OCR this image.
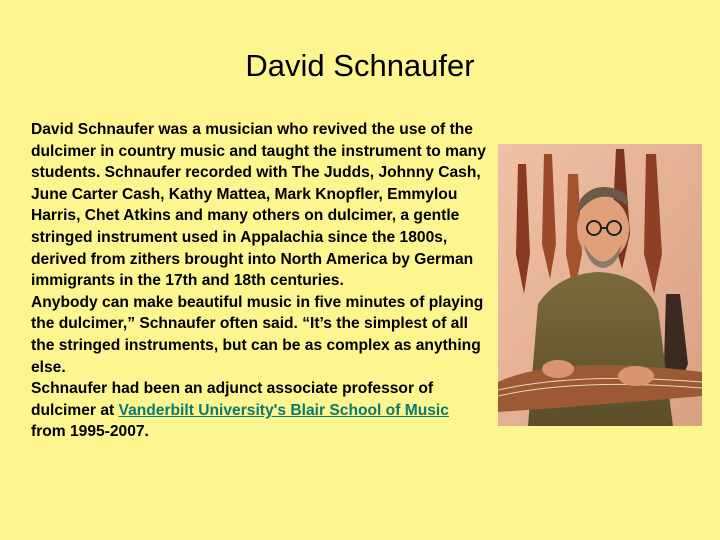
David Schnaufer

David Schnaufer was a musician who revived the use of the dulcimer in country music and taught the instrument to many students. Schnaufer recorded with The Judds, Johnny Cash, June Carter Cash, Kathy Mattea, Mark Knopfler, Emmylou Harris, Chet Atkins and many others on dulcimer, a gentle stringed instrument used in Appalachia since the 1800s, derived from zithers brought into North America by German immigrants in the 17th and 18th centuries.

Anybody can make beautiful music in five minutes of playing the dulcimer,” Schnaufer often said. “It’s the simplest of all the stringed instruments, but can be as complex as anything else.

Schnaufer had been an adjunct associate professor of dulcimer at Vanderbilt University's Blair School of Music from 1995-2007.
